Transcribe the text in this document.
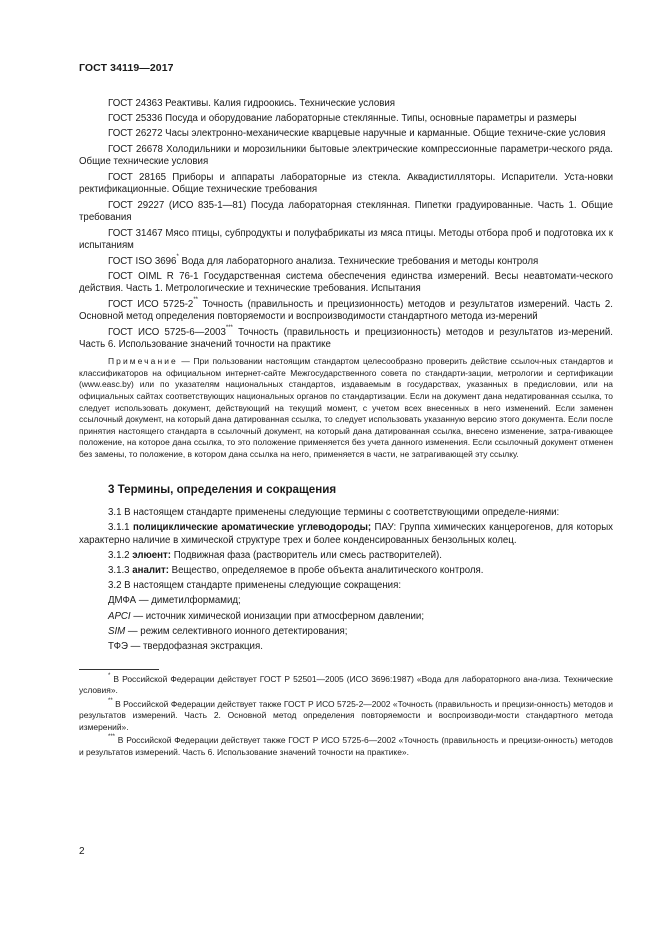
ГОСТ 34119—2017

ГОСТ 24363 Реактивы. Калия гидроокись. Технические условия

ГОСТ 25336 Посуда и оборудование лабораторные стеклянные. Типы, основные параметры и размеры

ГОСТ 26272 Часы электронно-механические кварцевые наручные и карманные. Общие техниче-ские условия

ГОСТ 26678 Холодильники и морозильники бытовые электрические компрессионные параметри-ческого ряда. Общие технические условия

ГОСТ 28165 Приборы и аппараты лабораторные из стекла. Аквадистилляторы. Испарители. Уста-новки ректификационные. Общие технические требования

ГОСТ 29227 (ИСО 835-1—81) Посуда лабораторная стеклянная. Пипетки градуированные. Часть 1. Общие требования

ГОСТ 31467 Мясо птицы, субпродукты и полуфабрикаты из мяса птицы. Методы отбора проб и подготовка их к испытаниям

ГОСТ ISO 3696* Вода для лабораторного анализа. Технические требования и методы контроля

ГОСТ OIML R 76-1 Государственная система обеспечения единства измерений. Весы неавтомати-ческого действия. Часть 1. Метрологические и технические требования. Испытания

ГОСТ ИСО 5725-2** Точность (правильность и прецизионность) методов и результатов измерений. Часть 2. Основной метод определения повторяемости и воспроизводимости стандартного метода из-мерений

ГОСТ ИСО 5725-6—2003*** Точность (правильность и прецизионность) методов и результатов из-мерений. Часть 6. Использование значений точности на практике

Примечание — При пользовании настоящим стандартом целесообразно проверить действие ссылоч-ных стандартов и классификаторов на официальном интернет-сайте Межгосударственного совета по стандарти-зации, метрологии и сертификации (www.easc.by) или по указателям национальных стандартов, издаваемым в государствах, указанных в предисловии, или на официальных сайтах соответствующих национальных органов по стандартизации. Если на документ дана недатированная ссылка, то следует использовать документ, действующий на текущий момент, с учетом всех внесенных в него изменений. Если заменен ссылочный документ, на который дана датированная ссылка, то следует использовать указанную версию этого документа. Если после принятия настоящего стандарта в ссылочный документ, на который дана датированная ссылка, внесено изменение, затра-гивающее положение, на которое дана ссылка, то это положение применяется без учета данного изменения. Если ссылочный документ отменен без замены, то положение, в котором дана ссылка на него, применяется в части, не затрагивающей эту ссылку.

3 Термины, определения и сокращения

3.1 В настоящем стандарте применены следующие термины с соответствующими определе-ниями:

3.1.1 полициклические ароматические углеводороды; ПАУ: Группа химических канцерогенов, для которых характерно наличие в химической структуре трех и более конденсированных бензольных колец.

3.1.2 элюент: Подвижная фаза (растворитель или смесь растворителей).

3.1.3 аналит: Вещество, определяемое в пробе объекта аналитического контроля.

3.2 В настоящем стандарте применены следующие сокращения:

ДМФА — диметилформамид;

APCI — источник химической ионизации при атмосферном давлении;

SIM — режим селективного ионного детектирования;

ТФЭ — твердофазная экстракция.

* В Российской Федерации действует ГОСТ Р 52501—2005 (ИСО 3696:1987) «Вода для лабораторного ана-лиза. Технические условия».

** В Российской Федерации действует также ГОСТ Р ИСО 5725-2—2002 «Точность (правильность и прецизи-онность) методов и результатов измерений. Часть 2. Основной метод определения повторяемости и воспроизводи-мости стандартного метода измерений».

*** В Российской Федерации действует также ГОСТ Р ИСО 5725-6—2002 «Точность (правильность и прецизи-онность) методов и результатов измерений. Часть 6. Использование значений точности на практике».

2
